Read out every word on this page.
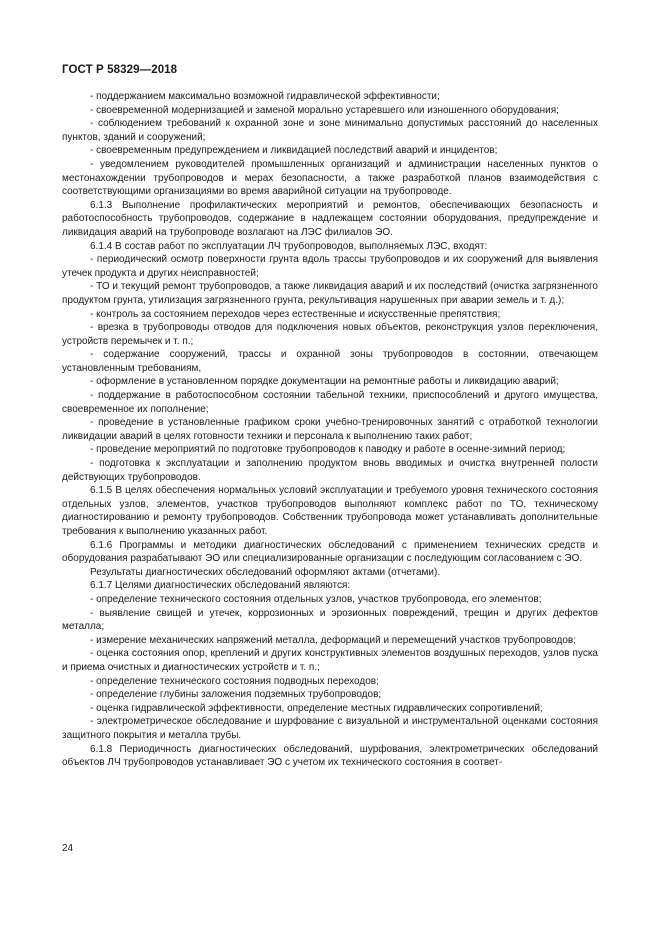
ГОСТ Р 58329—2018

- поддержанием максимально возможной гидравлической эффективности;

- своевременной модернизацией и заменой морально устаревшего или изношенного оборудования;

- соблюдением требований к охранной зоне и зоне минимально допустимых расстояний до населенных пунктов, зданий и сооружений;

- своевременным предупреждением и ликвидацией последствий аварий и инцидентов;

- уведомлением руководителей промышленных организаций и администрации населенных пунктов о местонахождении трубопроводов и мерах безопасности, а также разработкой планов взаимодействия с соответствующими организациями во время аварийной ситуации на трубопроводе.

6.1.3 Выполнение профилактических мероприятий и ремонтов, обеспечивающих безопасность и работоспособность трубопроводов, содержание в надлежащем состоянии оборудования, предупреждение и ликвидация аварий на трубопроводе возлагают на ЛЭС филиалов ЭО.

6.1.4 В состав работ по эксплуатации ЛЧ трубопроводов, выполняемых ЛЭС, входят:

- периодический осмотр поверхности грунта вдоль трассы трубопроводов и их сооружений для выявления утечек продукта и других неисправностей;

- ТО и текущий ремонт трубопроводов, а также ликвидация аварий и их последствий (очистка загрязненного продуктом грунта, утилизация загрязненного грунта, рекультивация нарушенных при аварии земель и т. д.);

- контроль за состоянием переходов через естественные и искусственные препятствия;

- врезка в трубопроводы отводов для подключения новых объектов, реконструкция узлов переключения, устройств перемычек и т. п.;

- содержание сооружений, трассы и охранной зоны трубопроводов в состоянии, отвечающем установленным требованиям,

- оформление в установленном порядке документации на ремонтные работы и ликвидацию аварий;

- поддержание в работоспособном состоянии табельной техники, приспособлений и другого имущества, своевременное их пополнение;

- проведение в установленные графиком сроки учебно-тренировочных занятий с отработкой технологии ликвидации аварий в целях готовности техники и персонала к выполнению таких работ;

- проведение мероприятий по подготовке трубопроводов к паводку и работе в осенне-зимний период;

- подготовка к эксплуатации и заполнению продуктом вновь вводимых и очистка внутренней полости действующих трубопроводов.

6.1.5 В целях обеспечения нормальных условий эксплуатации и требуемого уровня технического состояния отдельных узлов, элементов, участков трубопроводов выполняют комплекс работ по ТО, техническому диагностированию и ремонту трубопроводов. Собственник трубопровода может устанавливать дополнительные требования к выполнению указанных работ.

6.1.6 Программы и методики диагностических обследований с применением технических средств и оборудования разрабатывают ЭО или специализированные организации с последующим согласованием с ЭО.

Результаты диагностических обследований оформляют актами (отчетами).

6.1.7 Целями диагностических обследований являются:

- определение технического состояния отдельных узлов, участков трубопровода, его элементов;

- выявление свищей и утечек, коррозионных и эрозионных повреждений, трещин и других дефектов металла;

- измерение механических напряжений металла, деформаций и перемещений участков трубопроводов;

- оценка состояния опор, креплений и других конструктивных элементов воздушных переходов, узлов пуска и приема очистных и диагностических устройств и т. п.;

- определение технического состояния подводных переходов;

- определение глубины заложения подземных трубопроводов;

- оценка гидравлической эффективности, определение местных гидравлических сопротивлений;

- электрометрическое обследование и шурфование с визуальной и инструментальной оценками состояния защитного покрытия и металла трубы.

6.1.8 Периодичность диагностических обследований, шурфования, электрометрических обследований объектов ЛЧ трубопроводов устанавливает ЭО с учетом их технического состояния в соответ-

24
